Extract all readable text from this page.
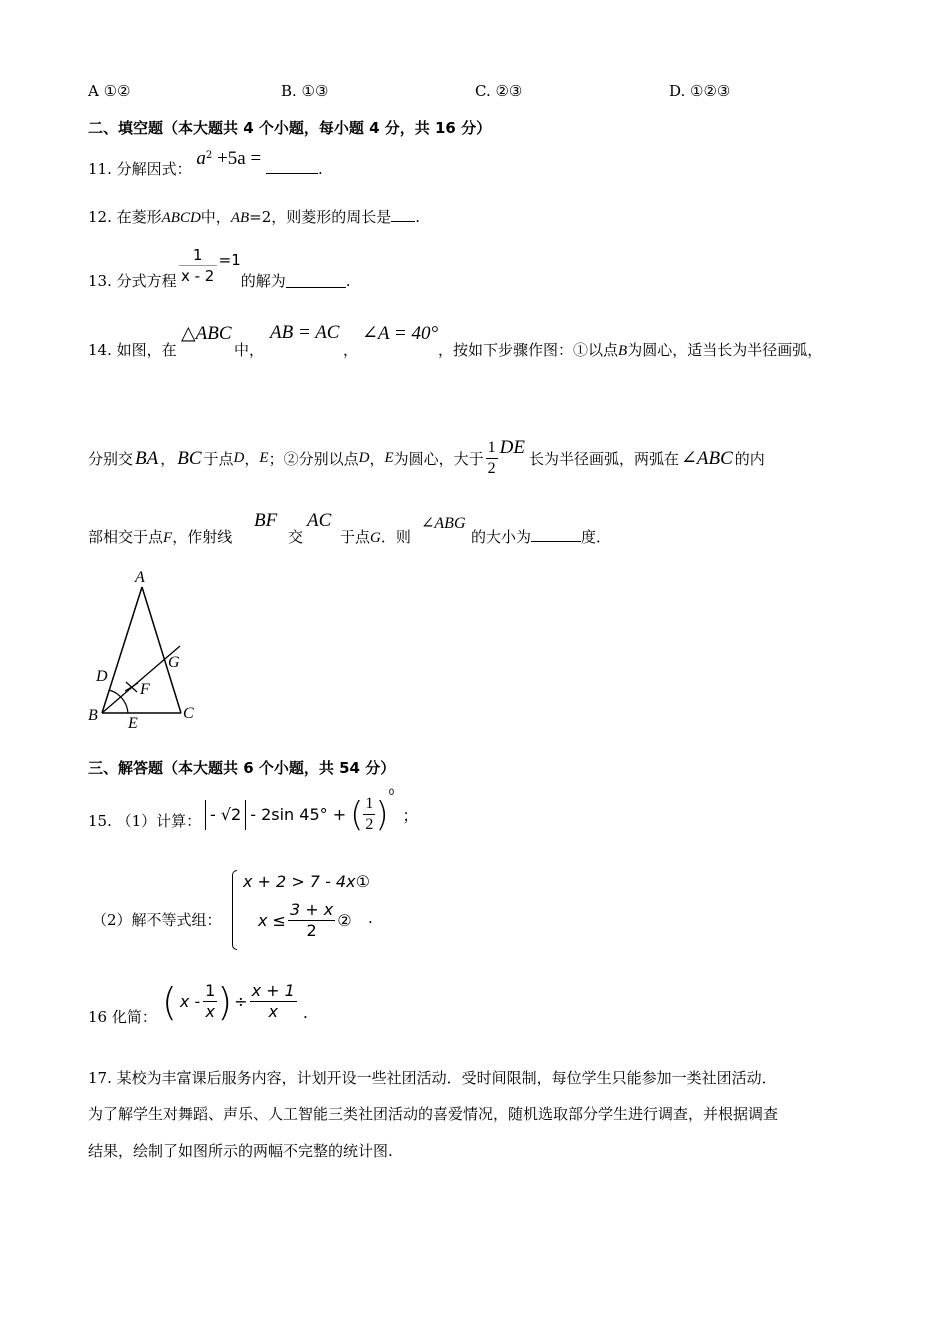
A ①②	B. ①③	C. ②③	D. ①②③
二、填空题（本大题共 4 个小题，每小题 4 分，共 16 分）
11. 分解因式： $a^2 +5a$ =	.
12. 在菱形ABCD中，AB=2，则菱形的周长是 .
13. 分式方程 $\frac{1}{x - 2} =1$
的解为	.
14. 如图，在
△ABC
中，
AB = AC
，
∠A = 40°
，按如下步骤作图：①以点B为圆心，适当长为半径画弧，
分别交 BA ， BC 于点 D ， E ；②分别以点 D ， E 为圆心，大于 $\frac{1}{2}$ DE
长为半径画弧，两弧在 ∠ABC 的内
部相交于点F，作射线
BF
交
AC
于点G．则
∠ABG
的大小为	度．
A
D
F
G
B E
C
三、解答题（本大题共 6 个小题，共 54 分）
15. （1）计算： - √2 - 2sin 45° + ( $\frac{1}{2}$ )
0
；
（2）解不等式组：
x + 2 > 7 - 4x①
$x \le \frac{3 + x}{2}$ ② .
16 化简： ( x - $\frac{1}{x}$ ) ÷ $\frac{x + 1}{x}$ .
17. 某校为丰富课后服务内容，计划开设一些社团活动．受时间限制，每位学生只能参加一类社团活动．
为了解学生对舞蹈、声乐、人工智能三类社团活动的喜爱情况，随机选取部分学生进行调查，并根据调查
结果，绘制了如图所示的两幅不完整的统计图.
